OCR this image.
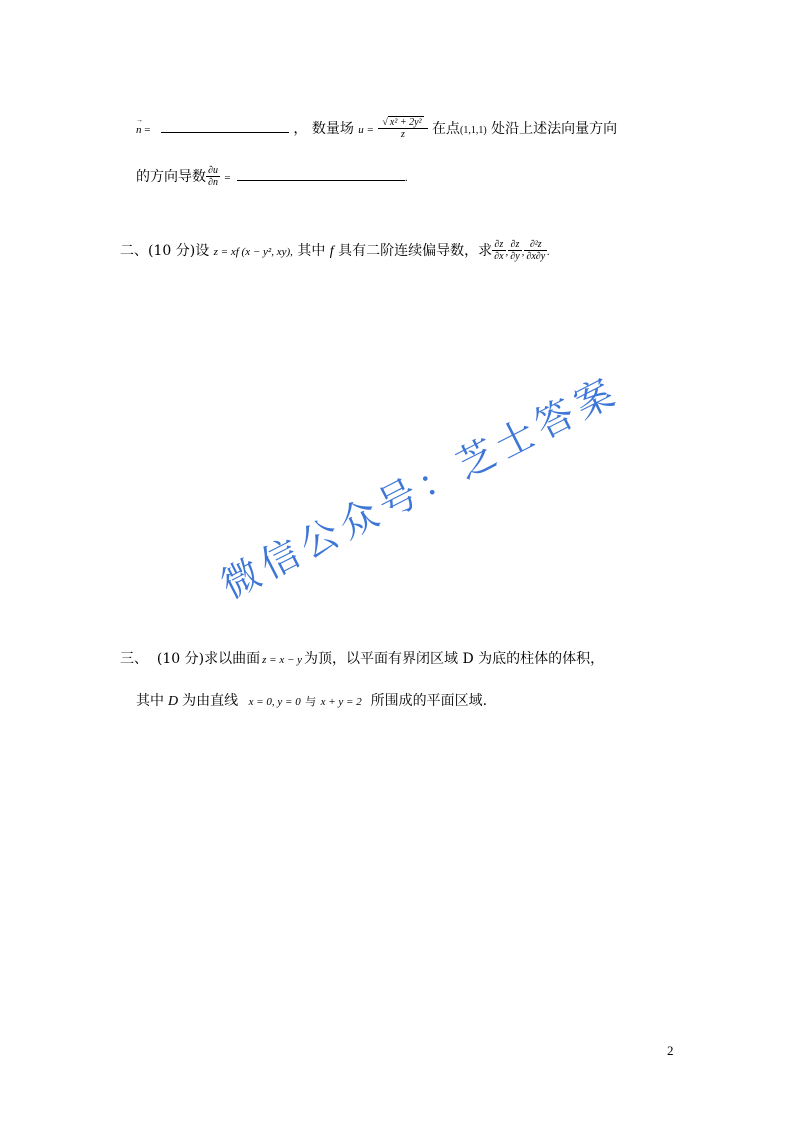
→ n =	， 数量场 $u = \frac{\text{√ x² + 2y²}}{z}$ 在点(1,1,1) 处沿上述法向量方向
的方向导数 $\frac{\partial u}{\partial n}$ =	.
二、(10 分)设 z = xf (x − y², xy), 其中 f 具有二阶连续偏导数，求 $\frac{\partial z}{\partial x}$ , $\frac{\partial z}{\partial y}$ , $\frac{\text{∂²z}}{\partial x\partial y}$ .
微信公众号：芝士答案
三、 (10 分)求以曲面 z = x − y 为顶，以平面有界闭区域 D 为底的柱体的体积，
其中 D 为由直线 x = 0, y = 0 与 x + y = 2 所围成的平面区域.
2
